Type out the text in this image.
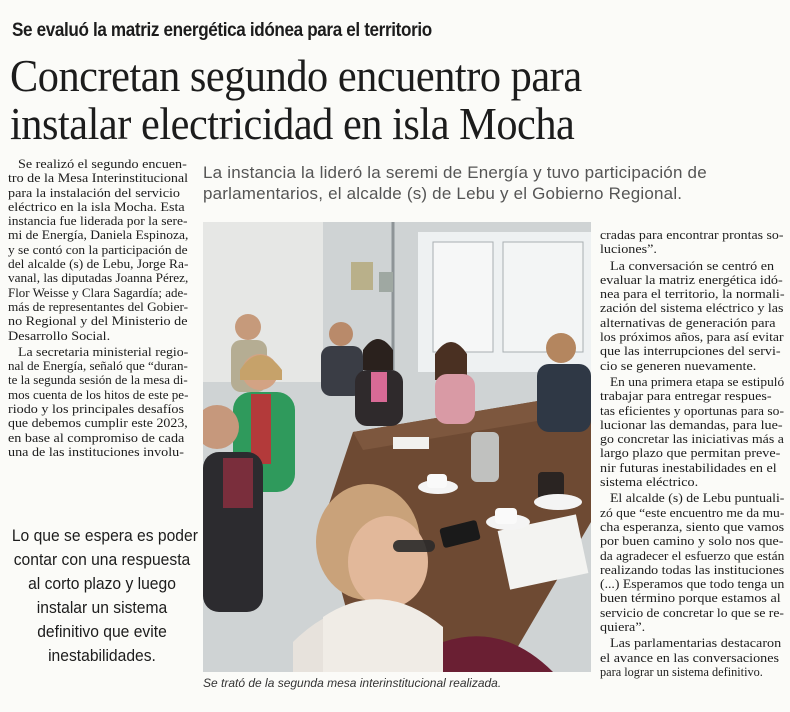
Se evaluó la matriz energética idónea para el territorio
Concretan segundo encuentro para
instalar electricidad en isla Mocha
La instancia la lideró la seremi de Energía y tuvo participación de
parlamentarios, el alcalde (s) de Lebu y el Gobierno Regional.
Se realizó el segundo encuen-
tro de la Mesa Interinstitucional
para la instalación del servicio
eléctrico en la isla Mocha. Esta
instancia fue liderada por la sere-
mi de Energía, Daniela Espinoza,
y se contó con la participación de
del alcalde (s) de Lebu, Jorge Ra-
vanal, las diputadas Joanna Pérez,
Flor Weisse y Clara Sagardía; ade-
más de representantes del Gobier-
no Regional y del Ministerio de
Desarrollo Social.
La secretaria ministerial regio-
nal de Energía, señaló que “duran-
te la segunda sesión de la mesa di-
mos cuenta de los hitos de este pe-
riodo y los principales desafíos
que debemos cumplir este 2023,
en base al compromiso de cada
una de las instituciones involu-
Lo que se espera es poder
contar con una respuesta
al corto plazo y luego
instalar un sistema
definitivo que evite
inestabilidades.
Se trató de la segunda mesa interinstitucional realizada.
cradas para encontrar prontas so-
luciones”.
La conversación se centró en
evaluar la matriz energética idó-
nea para el territorio, la normali-
zación del sistema eléctrico y las
alternativas de generación para
los próximos años, para así evitar
que las interrupciones del servi-
cio se generen nuevamente.
En una primera etapa se estipuló
trabajar para entregar respues-
tas eficientes y oportunas para so-
lucionar las demandas, para lue-
go concretar las iniciativas más a
largo plazo que permitan preve-
nir futuras inestabilidades en el
sistema eléctrico.
El alcalde (s) de Lebu puntuali-
zó que “este encuentro me da mu-
cha esperanza, siento que vamos
por buen camino y solo nos que-
da agradecer el esfuerzo que están
realizando todas las instituciones
(...) Esperamos que todo tenga un
buen término porque estamos al
servicio de concretar lo que se re-
quiera”.
Las parlamentarias destacaron
el avance en las conversaciones
para lograr un sistema definitivo.
